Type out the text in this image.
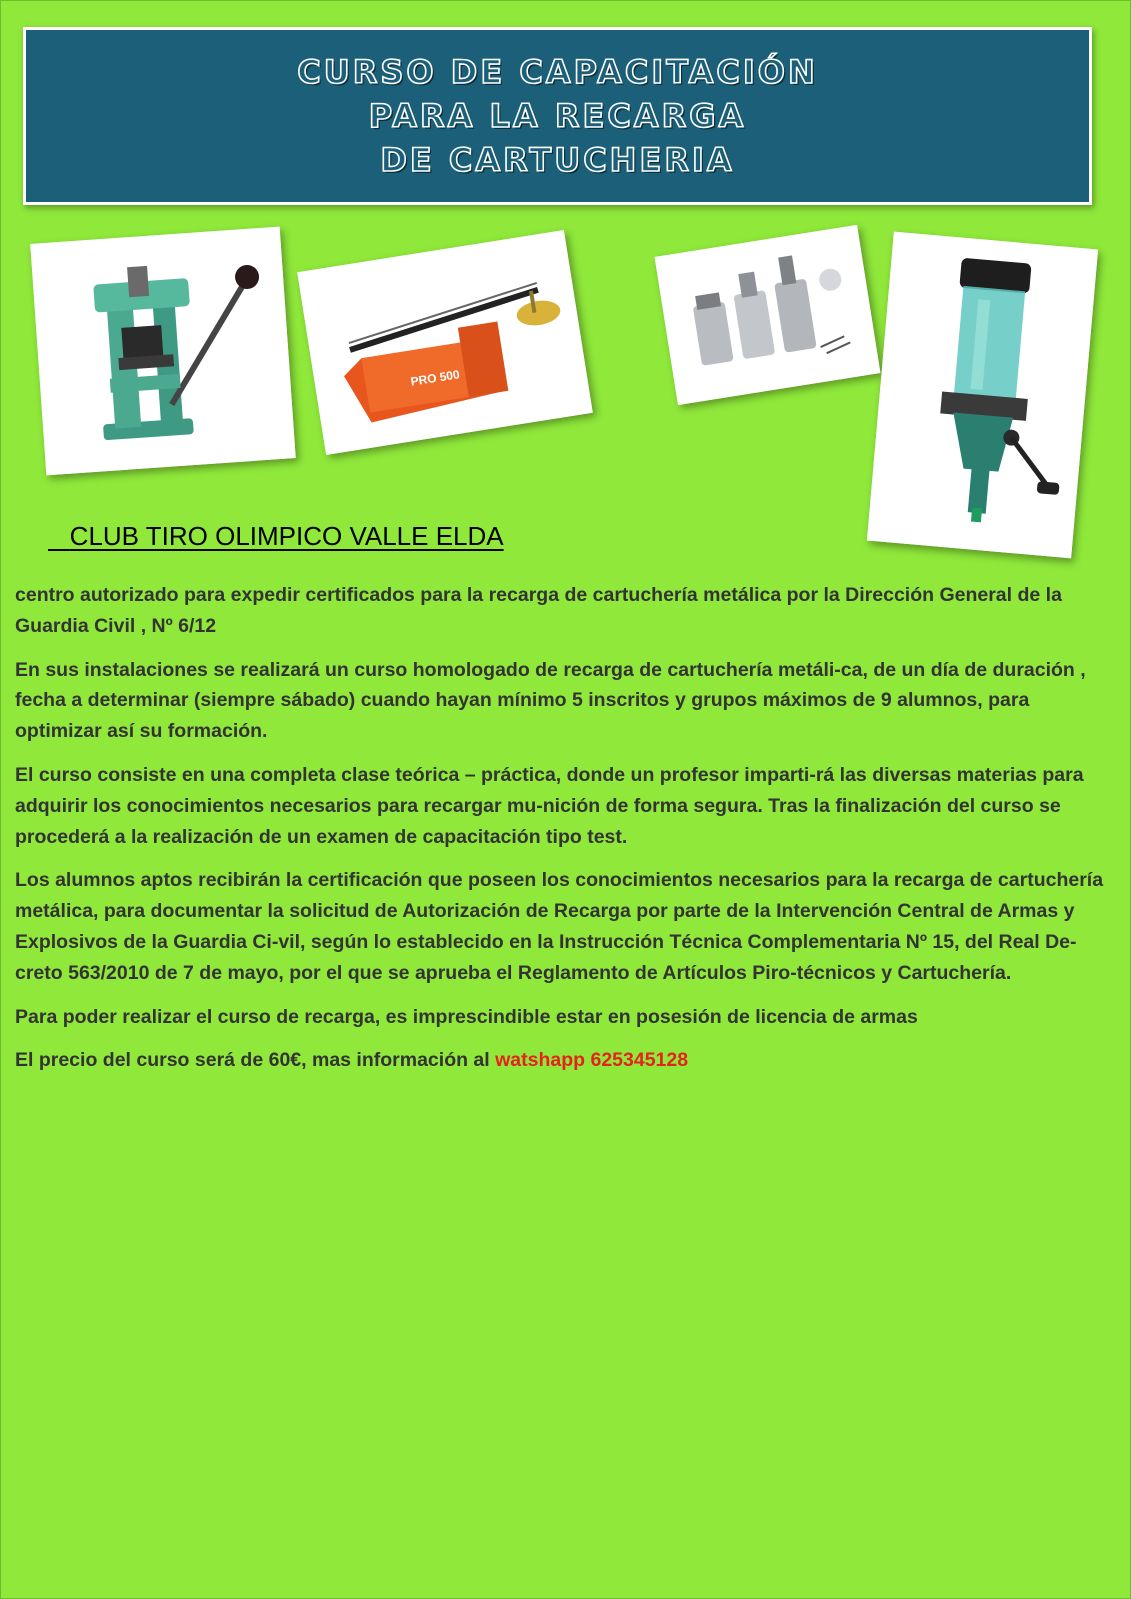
CURSO DE CAPACITACIÓN
PARA LA RECARGA
DE CARTUCHERIA
PRO 500
CLUB TIRO OLIMPICO VALLE ELDA

centro autorizado para expedir certificados para la recarga de cartuchería metálica por la Dirección General de la Guardia Civil , Nº 6/12

En sus instalaciones se realizará un curso homologado de recarga de cartuchería metáli-ca, de un día de duración , fecha a determinar (siempre sábado) cuando hayan mínimo 5 inscritos y grupos máximos de 9 alumnos, para optimizar así su formación.

El curso consiste en una completa clase teórica – práctica, donde un profesor imparti-rá las diversas materias para adquirir los conocimientos necesarios para recargar mu-nición de forma segura. Tras la finalización del curso se procederá a la realización de un examen de capacitación tipo test.

Los alumnos aptos recibirán la certificación que poseen los conocimientos necesarios para la recarga de cartuchería metálica, para documentar la solicitud de Autorización de Recarga por parte de la Intervención Central de Armas y Explosivos de la Guardia Ci-vil, según lo establecido en la Instrucción Técnica Complementaria Nº 15, del Real De-creto 563/2010 de 7 de mayo, por el que se aprueba el Reglamento de Artículos Piro-técnicos y Cartuchería.

Para poder realizar el curso de recarga, es imprescindible estar en posesión de licencia de armas

El precio del curso será de 60€, mas información al watshapp 625345128
